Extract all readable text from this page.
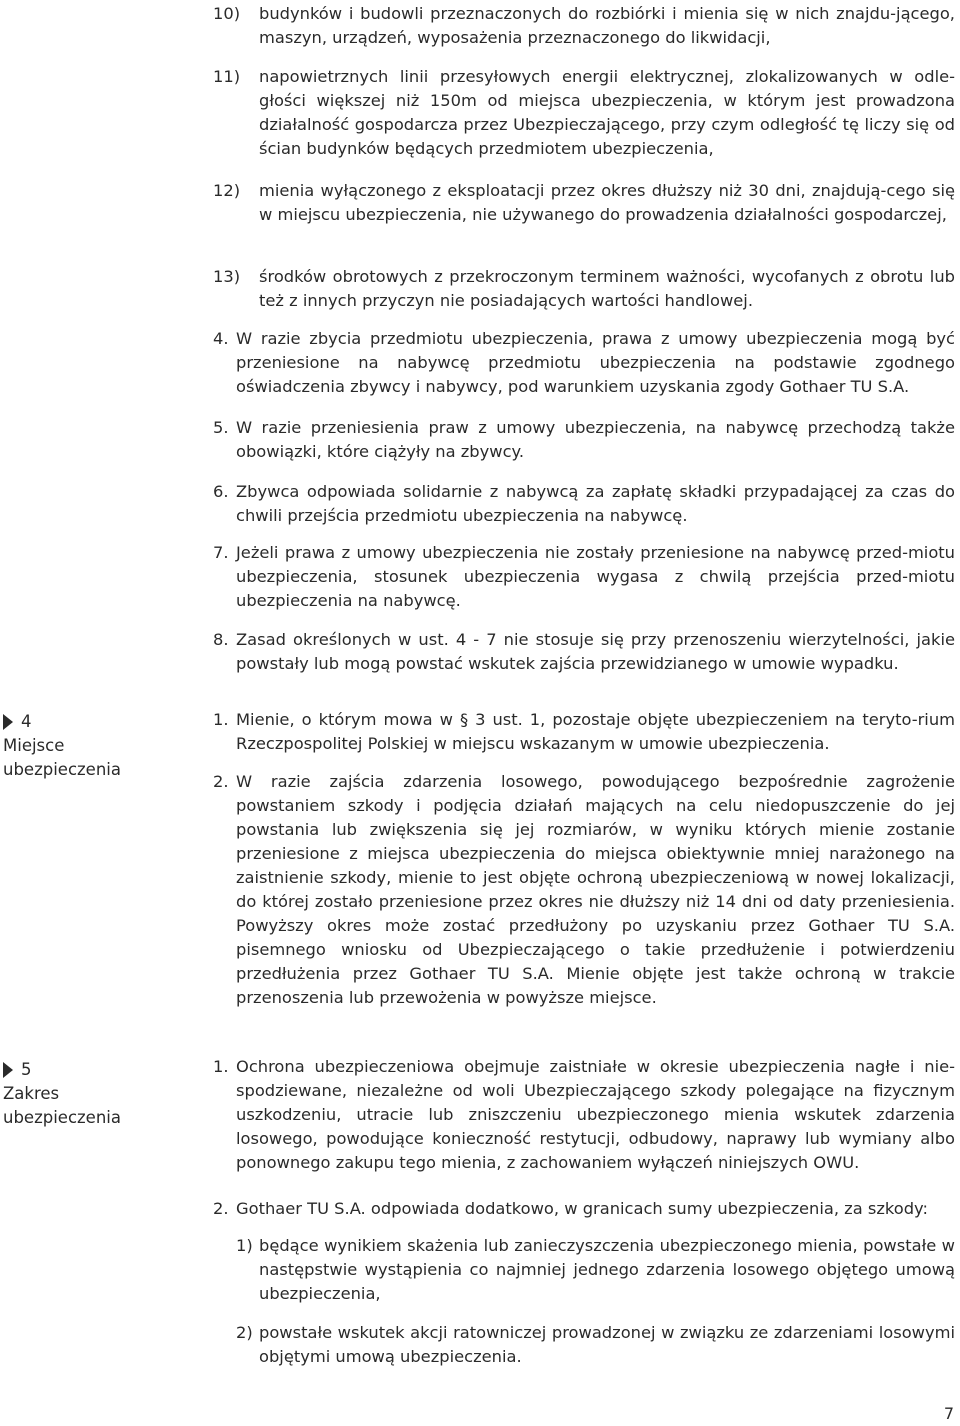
10) budynków i budowli przeznaczonych do rozbiórki i mienia się w nich znajdu-jącego, maszyn, urządzeń, wyposażenia przeznaczonego do likwidacji,
11) napowietrznych linii przesyłowych energii elektrycznej, zlokalizowanych w odle-głości większej niż 150m od miejsca ubezpieczenia, w którym jest prowadzona działalność gospodarcza przez Ubezpieczającego, przy czym odległość tę liczy się od ścian budynków będących przedmiotem ubezpieczenia,
12) mienia wyłączonego z eksploatacji przez okres dłuższy niż 30 dni, znajdują-cego się w miejscu ubezpieczenia, nie używanego do prowadzenia działalności gospodarczej,
13) środków obrotowych z przekroczonym terminem ważności, wycofanych z obrotu lub też z innych przyczyn nie posiadających wartości handlowej.
4. W razie zbycia przedmiotu ubezpieczenia, prawa z umowy ubezpieczenia mogą być przeniesione na nabywcę przedmiotu ubezpieczenia na podstawie zgodnego oświadczenia zbywcy i nabywcy, pod warunkiem uzyskania zgody Gothaer TU S.A.
5. W razie przeniesienia praw z umowy ubezpieczenia, na nabywcę przechodzą także obowiązki, które ciążyły na zbywcy.
6. Zbywca odpowiada solidarnie z nabywcą za zapłatę składki przypadającej za czas do chwili przejścia przedmiotu ubezpieczenia na nabywcę.
7. Jeżeli prawa z umowy ubezpieczenia nie zostały przeniesione na nabywcę przed-miotu ubezpieczenia, stosunek ubezpieczenia wygasa z chwilą przejścia przed-miotu ubezpieczenia na nabywcę.
8. Zasad określonych w ust. 4 - 7 nie stosuje się przy przenoszeniu wierzytelności, jakie powstały lub mogą powstać wskutek zajścia przewidzianego w umowie wypadku.
4
Miejsce
ubezpieczenia
1. Mienie, o którym mowa w § 3 ust. 1, pozostaje objęte ubezpieczeniem na teryto-rium Rzeczpospolitej Polskiej w miejscu wskazanym w umowie ubezpieczenia.
2. W razie zajścia zdarzenia losowego, powodującego bezpośrednie zagrożenie powstaniem szkody i podjęcia działań mających na celu niedopuszczenie do jej powstania lub zwiększenia się jej rozmiarów, w wyniku których mienie zostanie przeniesione z miejsca ubezpieczenia do miejsca obiektywnie mniej narażonego na zaistnienie szkody, mienie to jest objęte ochroną ubezpieczeniową w nowej lokalizacji, do której zostało przeniesione przez okres nie dłuższy niż 14 dni od daty przeniesienia. Powyższy okres może zostać przedłużony po uzyskaniu przez Gothaer TU S.A. pisemnego wniosku od Ubezpieczającego o takie przedłużenie i potwierdzeniu przedłużenia przez Gothaer TU S.A. Mienie objęte jest także ochroną w trakcie przenoszenia lub przewożenia w powyższe miejsce.
5
Zakres
ubezpieczenia
1. Ochrona ubezpieczeniowa obejmuje zaistniałe w okresie ubezpieczenia nagłe i nie-spodziewane, niezależne od woli Ubezpieczającego szkody polegające na fizycznym uszkodzeniu, utracie lub zniszczeniu ubezpieczonego mienia wskutek zdarzenia losowego, powodujące konieczność restytucji, odbudowy, naprawy lub wymiany albo ponownego zakupu tego mienia, z zachowaniem wyłączeń niniejszych OWU.
2. Gothaer TU S.A. odpowiada dodatkowo, w granicach sumy ubezpieczenia, za szkody:
1) będące wynikiem skażenia lub zanieczyszczenia ubezpieczonego mienia, powstałe w następstwie wystąpienia co najmniej jednego zdarzenia losowego objętego umową ubezpieczenia,
2) powstałe wskutek akcji ratowniczej prowadzonej w związku ze zdarzeniami losowymi objętymi umową ubezpieczenia.
7
